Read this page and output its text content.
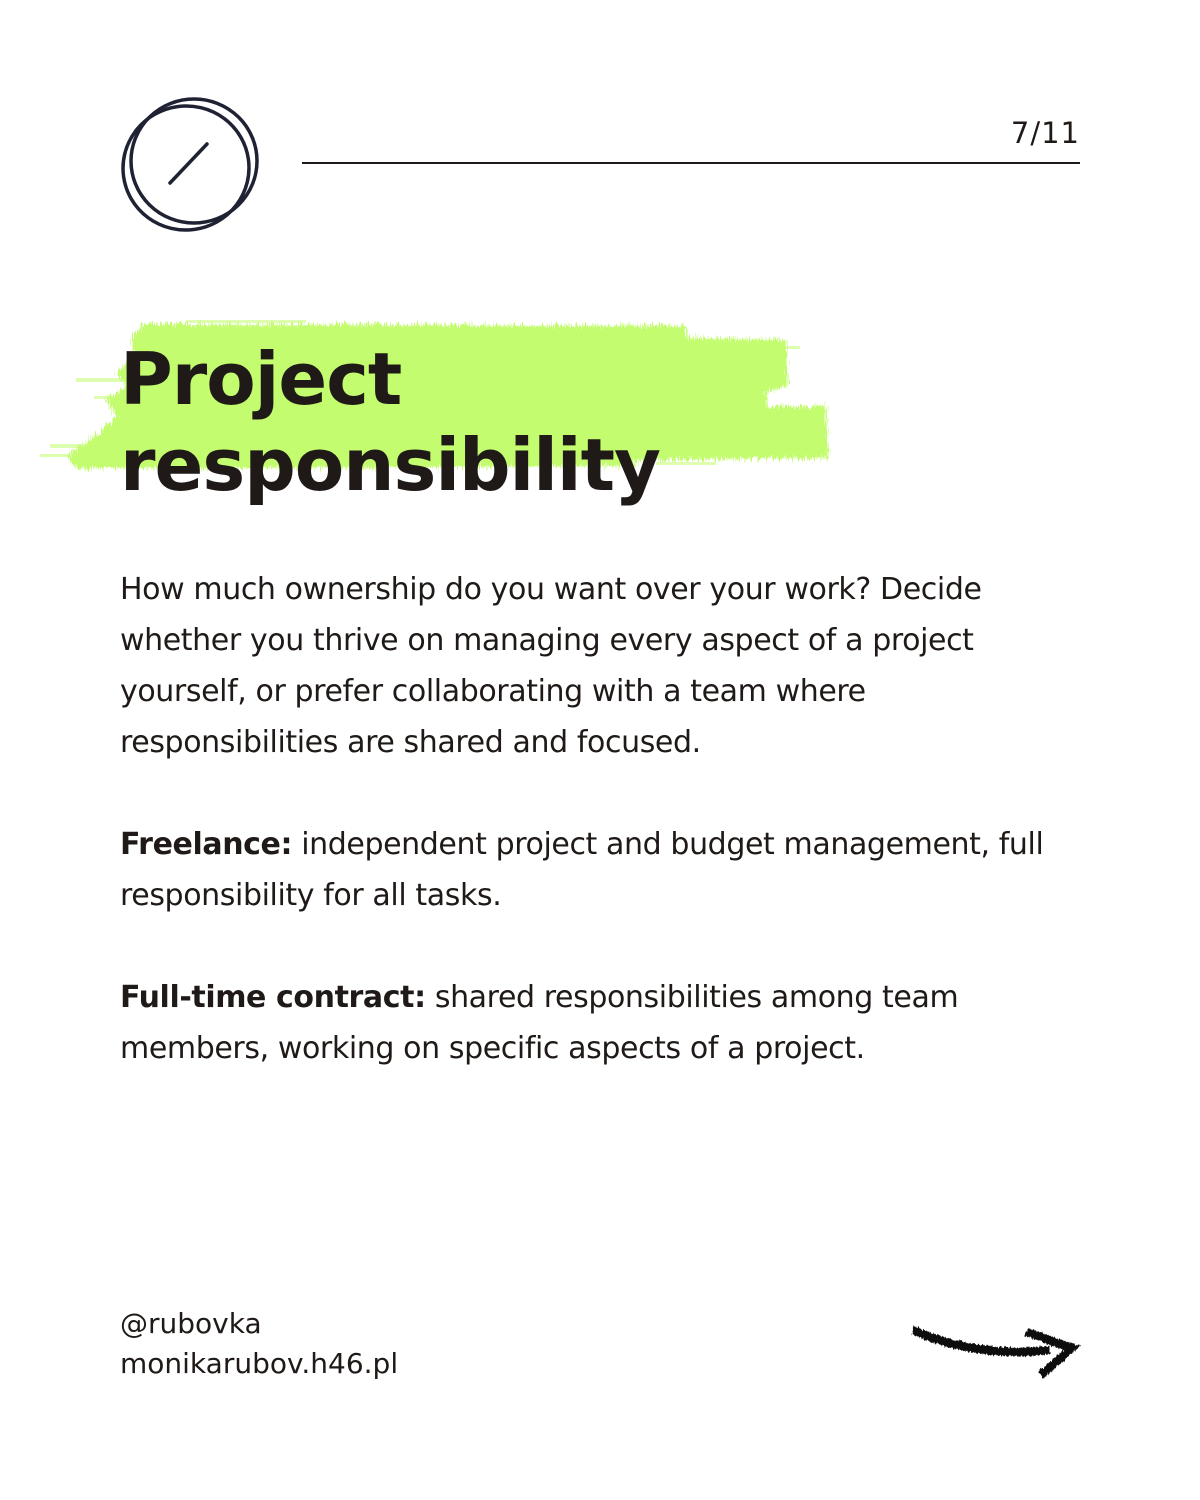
7/11
Project
responsibility

How much ownership do you want over your work? Decide whether you thrive on managing every aspect of a project yourself, or prefer collaborating with a team where responsibilities are shared and focused.

Freelance: independent project and budget management, full responsibility for all tasks.

Full-time contract: shared responsibilities among team members, working on specific aspects of a project.

@rubovka
monikarubov.h46.pl
